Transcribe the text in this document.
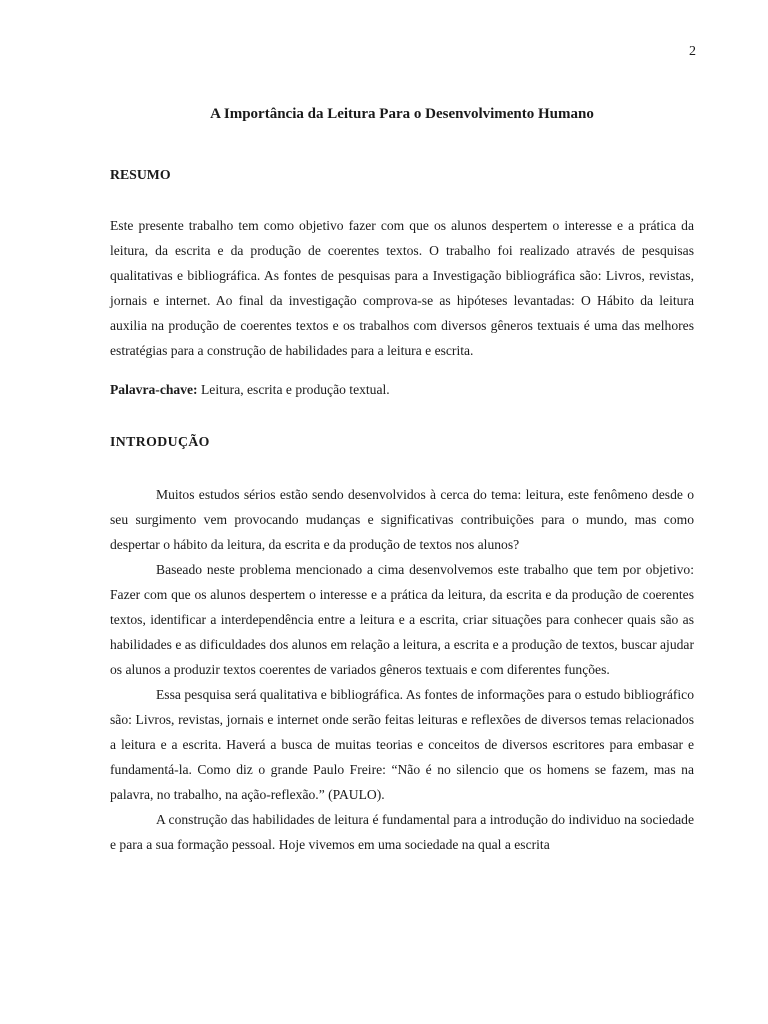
2
A Importância da Leitura Para o Desenvolvimento Humano
RESUMO

Este presente trabalho tem como objetivo fazer com que os alunos despertem o interesse e a prática da leitura, da escrita e da produção de coerentes textos. O trabalho foi realizado através de pesquisas qualitativas e bibliográfica. As fontes de pesquisas para a Investigação bibliográfica são: Livros, revistas, jornais e internet. Ao final da investigação comprova-se as hipóteses levantadas: O Hábito da leitura auxilia na produção de coerentes textos e os trabalhos com diversos gêneros textuais é uma das melhores estratégias para a construção de habilidades para a leitura e escrita.

Palavra-chave: Leitura, escrita e produção textual.

INTRODUÇÃO

Muitos estudos sérios estão sendo desenvolvidos à cerca do tema: leitura, este fenômeno desde o seu surgimento vem provocando mudanças e significativas contribuições para o mundo, mas como despertar o hábito da leitura, da escrita e da produção de textos nos alunos?

Baseado neste problema mencionado a cima desenvolvemos este trabalho que tem por objetivo: Fazer com que os alunos despertem o interesse e a prática da leitura, da escrita e da produção de coerentes textos, identificar a interdependência entre a leitura e a escrita, criar situações para conhecer quais são as habilidades e as dificuldades dos alunos em relação a leitura, a escrita e a produção de textos, buscar ajudar os alunos a produzir textos coerentes de variados gêneros textuais e com diferentes funções.

Essa pesquisa será qualitativa e bibliográfica. As fontes de informações para o estudo bibliográfico são: Livros, revistas, jornais e internet onde serão feitas leituras e reflexões de diversos temas relacionados a leitura e a escrita. Haverá a busca de muitas teorias e conceitos de diversos escritores para embasar e fundamentá-la. Como diz o grande Paulo Freire: “Não é no silencio que os homens se fazem, mas na palavra, no trabalho, na ação-reflexão.” (PAULO).

A construção das habilidades de leitura é fundamental para a introdução do individuo na sociedade e para a sua formação pessoal. Hoje vivemos em uma sociedade na qual a escrita
